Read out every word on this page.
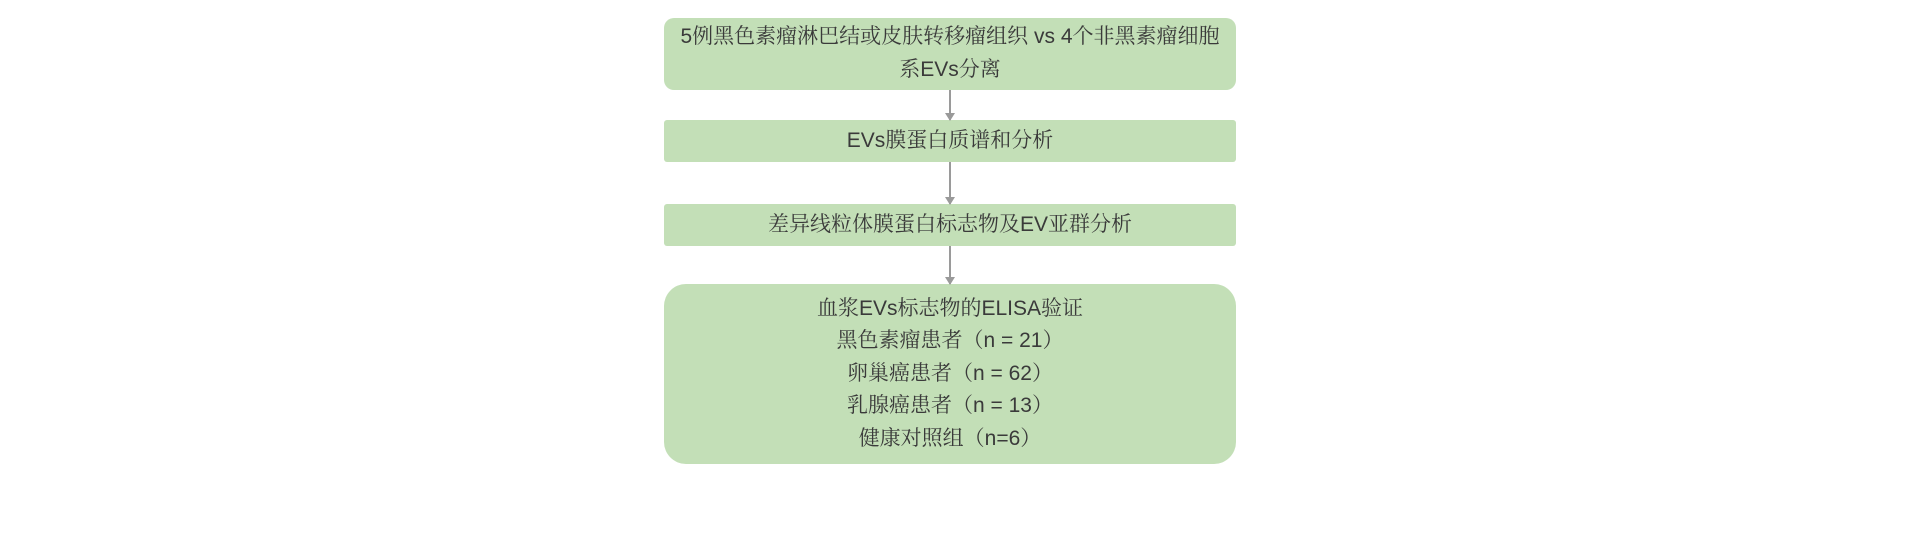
5例黑色素瘤淋巴结或皮肤转移瘤组织 vs 4个非黑素瘤细胞系EVs分离
EVs膜蛋白质谱和分析
差异线粒体膜蛋白标志物及EV亚群分析
血浆EVs标志物的ELISA验证
黑色素瘤患者（n = 21）
卵巢癌患者（n = 62）
乳腺癌患者（n = 13）
健康对照组（n=6）
